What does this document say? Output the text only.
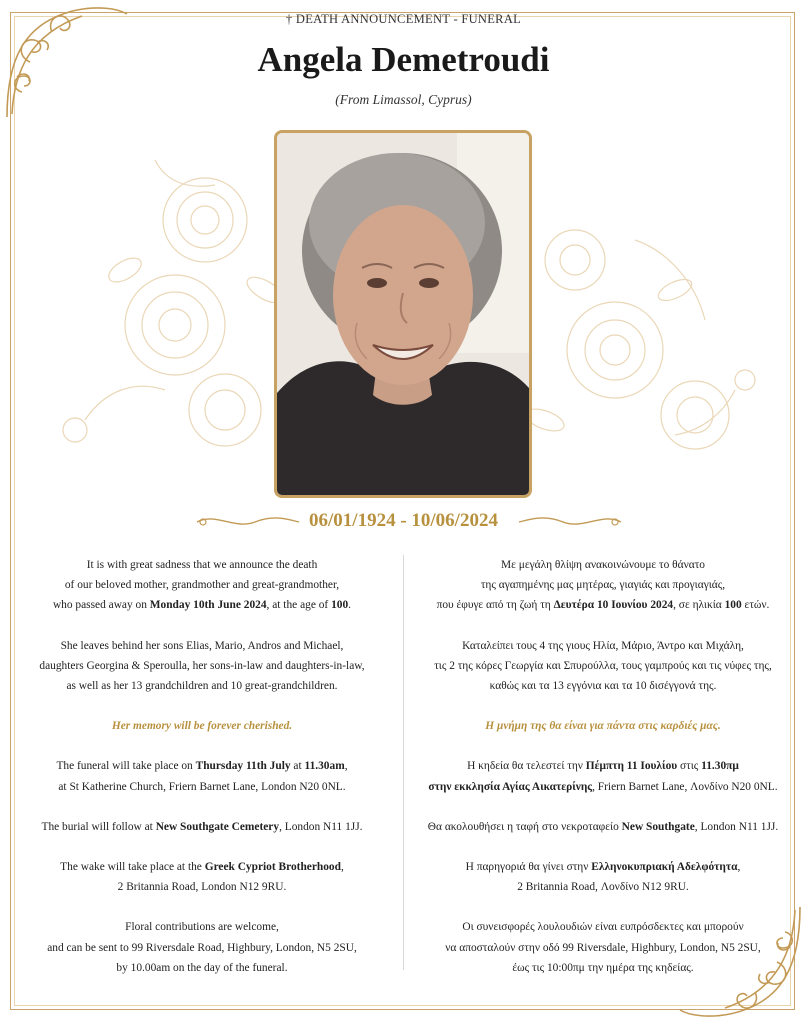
† DEATH ANNOUNCEMENT - FUNERAL
Angela Demetroudi
(From Limassol, Cyprus)
06/01/1924 - 10/06/2024

It is with great sadness that we announce the death
of our beloved mother, grandmother and great-grandmother,
who passed away on Monday 10th June 2024, at the age of 100.

She leaves behind her sons Elias, Mario, Andros and Michael,
daughters Georgina & Speroulla, her sons-in-law and daughters-in-law,
as well as her 13 grandchildren and 10 great-grandchildren.

Her memory will be forever cherished.

The funeral will take place on Thursday 11th July at 11.30am,
at St Katherine Church, Friern Barnet Lane, London N20 0NL.

The burial will follow at New Southgate Cemetery, London N11 1JJ.

The wake will take place at the Greek Cypriot Brotherhood,
2 Britannia Road, London N12 9RU.

Floral contributions are welcome,
and can be sent to 99 Riversdale Road, Highbury, London, N5 2SU,
by 10.00am on the day of the funeral.

Με μεγάλη θλίψη ανακοινώνουμε το θάνατο
της αγαπημένης μας μητέρας, γιαγιάς και προγιαγιάς,
που έφυγε από τη ζωή τη Δευτέρα 10 Ιουνίου 2024, σε ηλικία 100 ετών.

Καταλείπει τους 4 της γιους Ηλία, Μάριο, Άντρο και Μιχάλη,
τις 2 της κόρες Γεωργία και Σπυρούλλα, τους γαμπρούς και τις νύφες της,
καθώς και τα 13 εγγόνια και τα 10 δισέγγονά της.

Η μνήμη της θα είναι για πάντα στις καρδιές μας.

Η κηδεία θα τελεστεί την Πέμπτη 11 Ιουλίου στις 11.30πμ
στην εκκλησία Αγίας Αικατερίνης, Friern Barnet Lane, Λονδίνο N20 0NL.

Θα ακολουθήσει η ταφή στο νεκροταφείο New Southgate, London N11 1JJ.

Η παρηγοριά θα γίνει στην Ελληνοκυπριακή Αδελφότητα,
2 Britannia Road, Λονδίνο N12 9RU.

Οι συνεισφορές λουλουδιών είναι ευπρόσδεκτες και μπορούν
να αποσταλούν στην οδό 99 Riversdale, Highbury, London, N5 2SU,
έως τις 10:00πμ την ημέρα της κηδείας.
